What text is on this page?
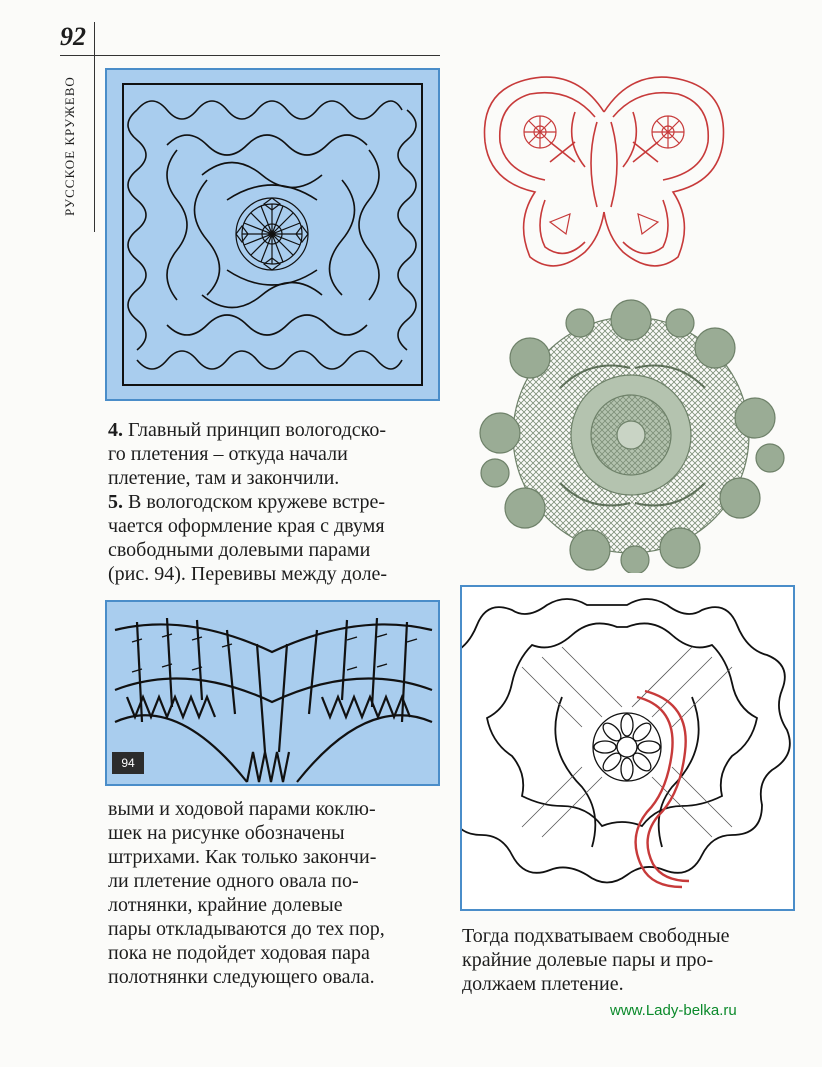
92
РУССКОЕ КРУЖЕВО
4. Главный принцип вологодско-
го плетения – откуда начали
плетение, там и закончили.
5. В вологодском кружеве встре-
чается оформление края с двумя
свободными долевыми парами
(рис. 94). Перевивы между доле-
94
выми и ходовой парами коклю-
шек на рисунке обозначены
штрихами. Как только закончи-
ли плетение одного овала по-
лотнянки, крайние долевые
пары откладываются до тех пор,
пока не подойдет ходовая пара
полотнянки следующего овала.
Тогда подхватываем свободные
крайние долевые пары и про-
должаем плетение.
www.Lady-belka.ru
